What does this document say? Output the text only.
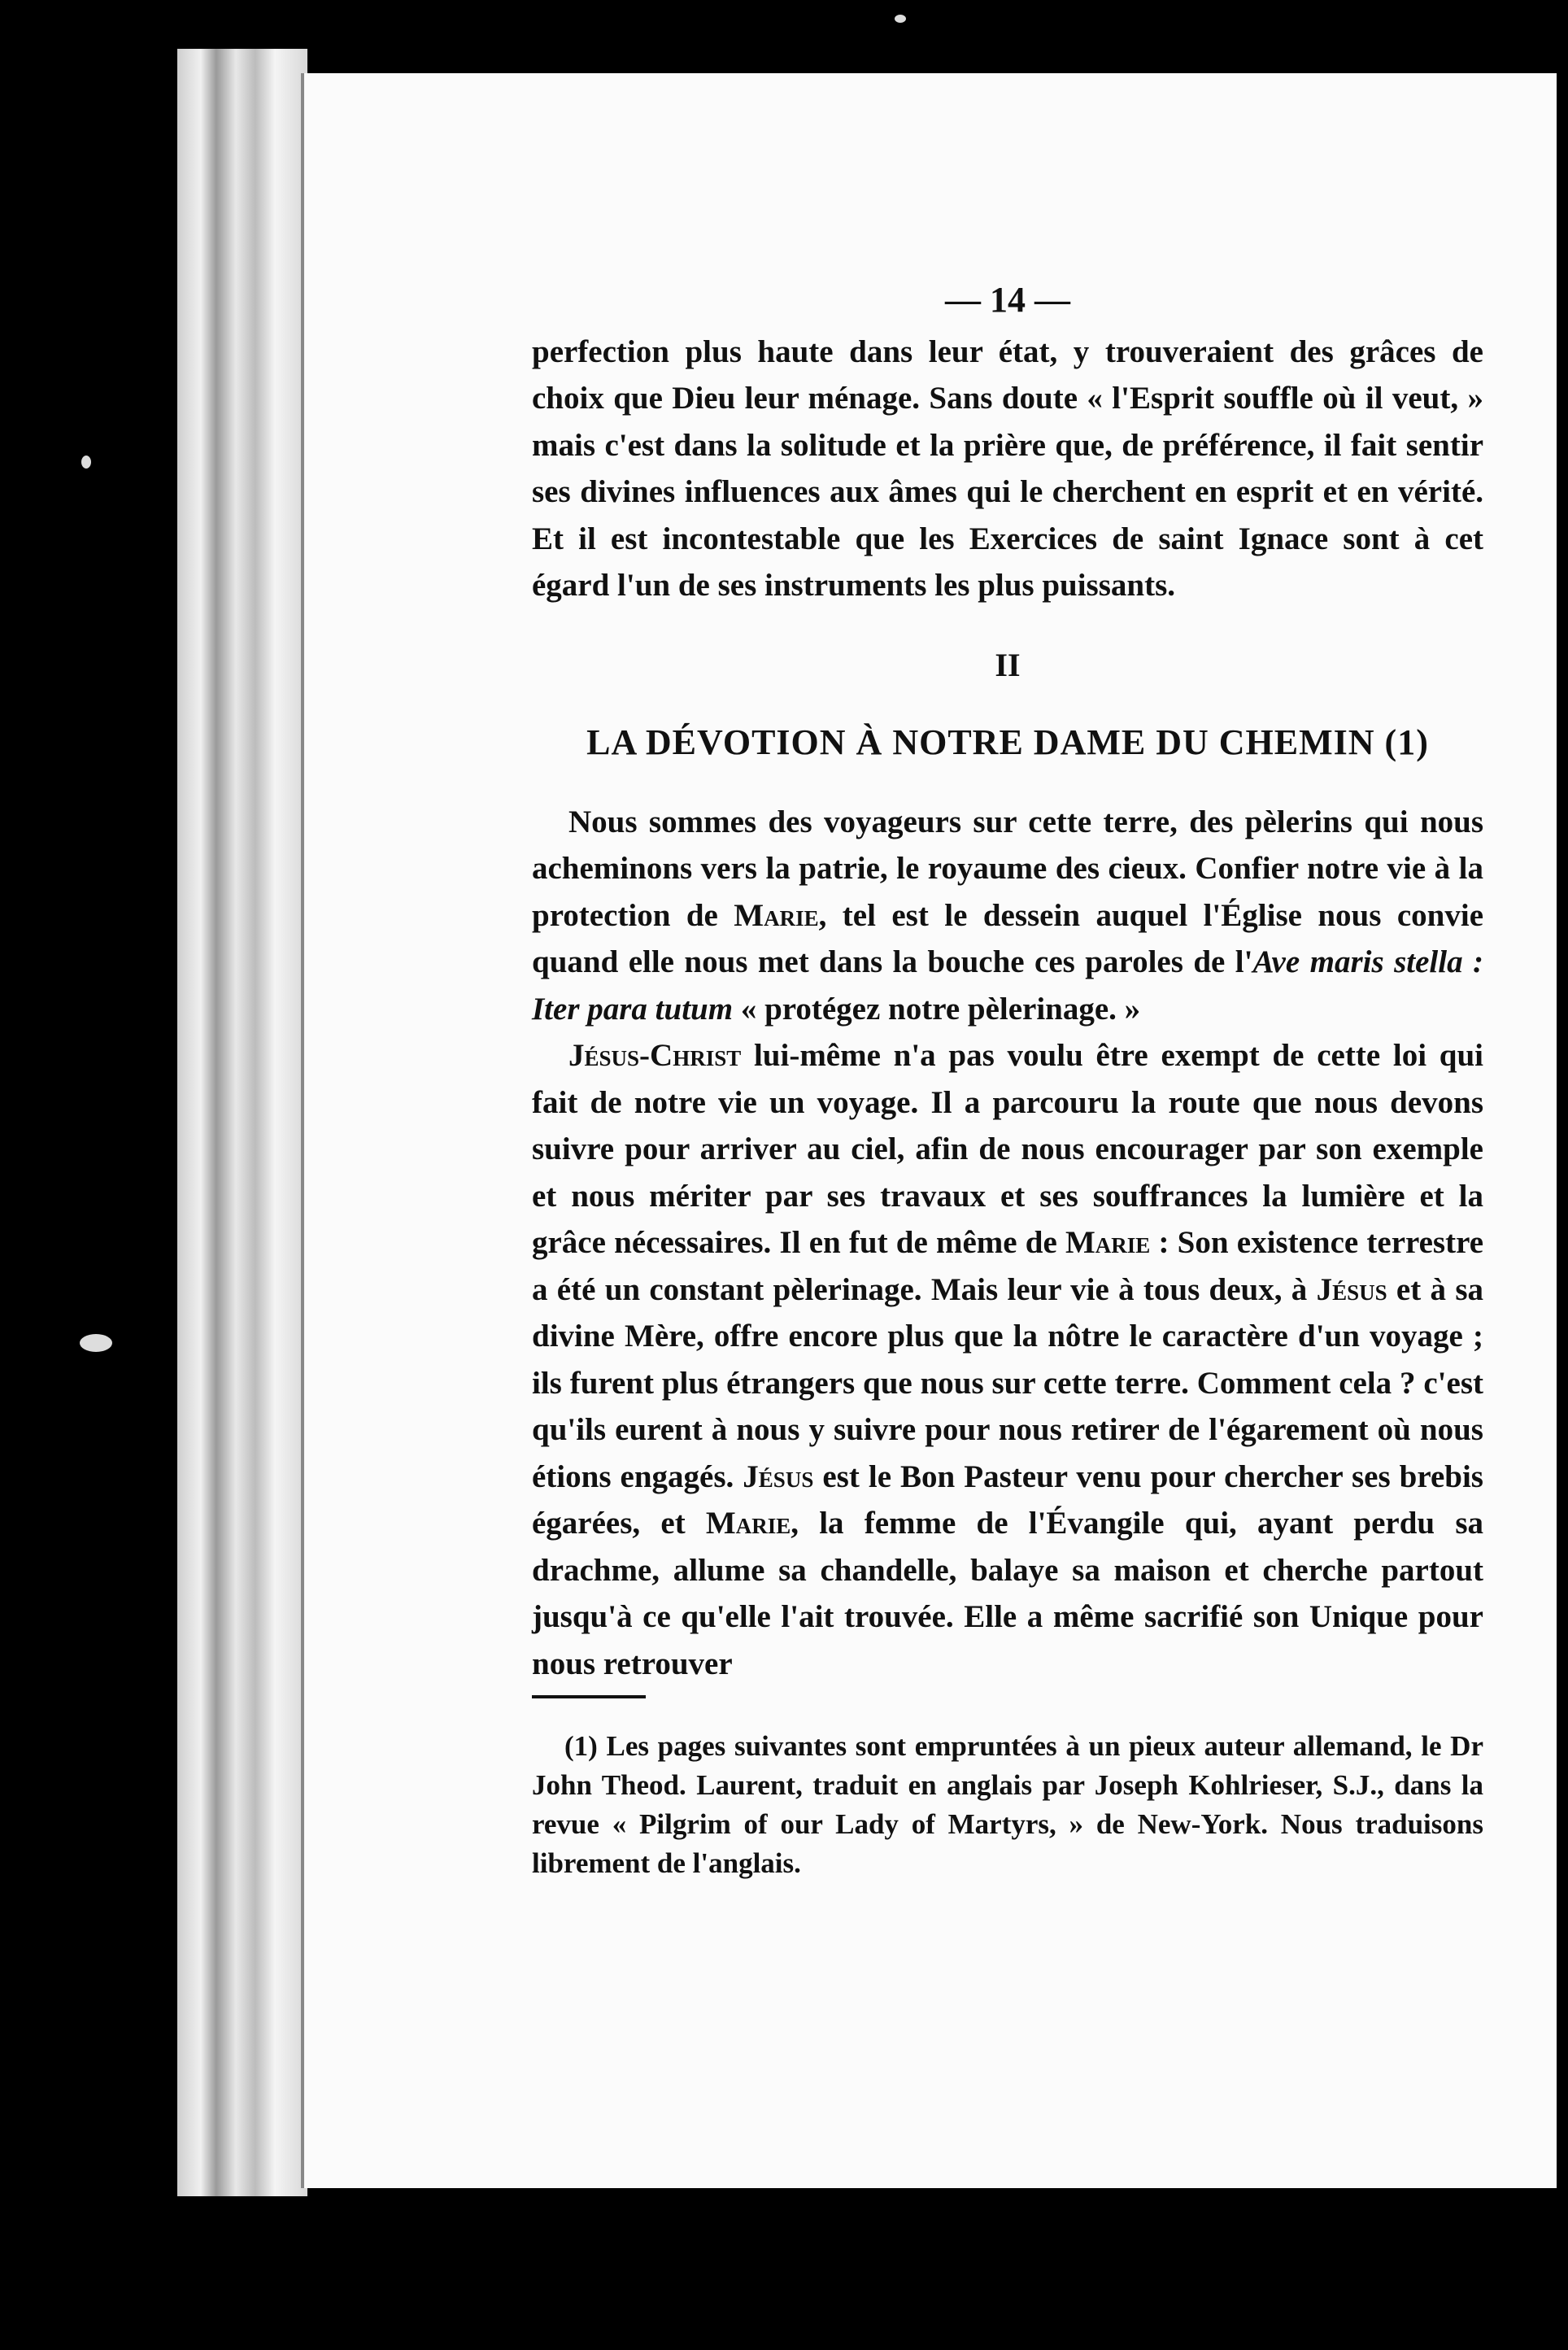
— 14 —

perfection plus haute dans leur état, y trouveraient des grâces de choix que Dieu leur ménage. Sans doute « l'Esprit souffle où il veut, » mais c'est dans la solitude et la prière que, de préférence, il fait sentir ses divines influences aux âmes qui le cherchent en esprit et en vérité. Et il est incontestable que les Exercices de saint Ignace sont à cet égard l'un de ses instruments les plus puissants.

II
LA DÉVOTION À NOTRE DAME DU CHEMIN (1)

Nous sommes des voyageurs sur cette terre, des pèlerins qui nous acheminons vers la patrie, le royaume des cieux. Confier notre vie à la protection de Marie, tel est le dessein auquel l'Église nous convie quand elle nous met dans la bouche ces paroles de l'Ave maris stella : Iter para tutum « protégez notre pèlerinage. »

Jésus-Christ lui-même n'a pas voulu être exempt de cette loi qui fait de notre vie un voyage. Il a parcouru la route que nous devons suivre pour arriver au ciel, afin de nous encourager par son exemple et nous mériter par ses travaux et ses souffrances la lumière et la grâce nécessaires. Il en fut de même de Marie : Son existence terrestre a été un constant pèlerinage. Mais leur vie à tous deux, à Jésus et à sa divine Mère, offre encore plus que la nôtre le caractère d'un voyage ; ils furent plus étrangers que nous sur cette terre. Comment cela ? c'est qu'ils eurent à nous y suivre pour nous retirer de l'égarement où nous étions engagés. Jésus est le Bon Pasteur venu pour chercher ses brebis égarées, et Marie, la femme de l'Évangile qui, ayant perdu sa drachme, allume sa chandelle, balaye sa maison et cherche partout jusqu'à ce qu'elle l'ait trouvée. Elle a même sacrifié son Unique pour nous retrouver

(1) Les pages suivantes sont empruntées à un pieux auteur allemand, le Dr John Theod. Laurent, traduit en anglais par Joseph Kohlrieser, S.J., dans la revue « Pilgrim of our Lady of Martyrs, » de New-York. Nous traduisons librement de l'anglais.
